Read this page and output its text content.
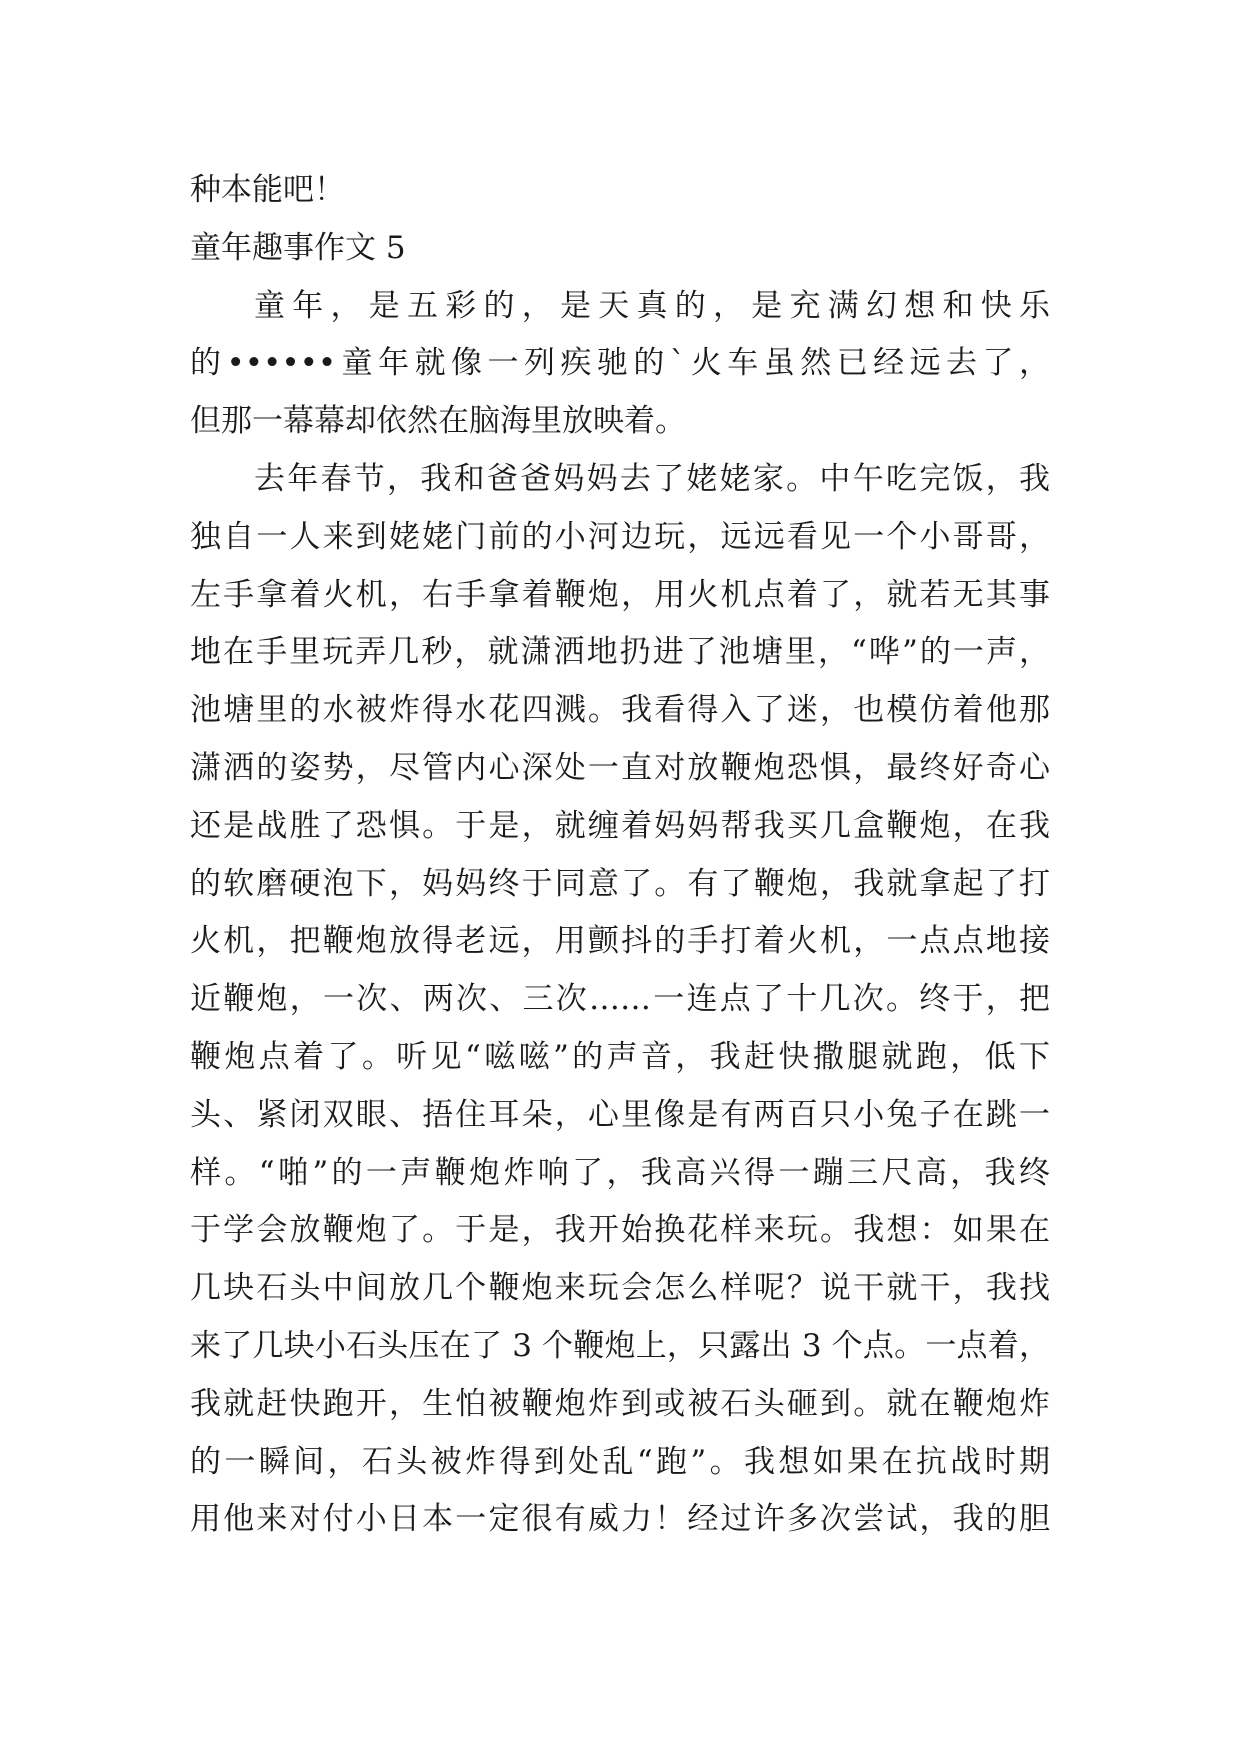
种本能吧！
童年趣事作文 5
童年，是五彩的，是天真的，是充满幻想和快乐
的••••••童年就像一列疾驰的`火车虽然已经远去了，
但那一幕幕却依然在脑海里放映着。
去年春节，我和爸爸妈妈去了姥姥家。中午吃完饭，我
独自一人来到姥姥门前的小河边玩，远远看见一个小哥哥，
左手拿着火机，右手拿着鞭炮，用火机点着了，就若无其事
地在手里玩弄几秒，就潇洒地扔进了池塘里，“哗”的一声，
池塘里的水被炸得水花四溅。我看得入了迷，也模仿着他那
潇洒的姿势，尽管内心深处一直对放鞭炮恐惧，最终好奇心
还是战胜了恐惧。于是，就缠着妈妈帮我买几盒鞭炮，在我
的软磨硬泡下，妈妈终于同意了。有了鞭炮，我就拿起了打
火机，把鞭炮放得老远，用颤抖的手打着火机，一点点地接
近鞭炮，一次、两次、三次……一连点了十几次。终于，把
鞭炮点着了。听见“嗞嗞”的声音，我赶快撒腿就跑，低下
头、紧闭双眼、捂住耳朵，心里像是有两百只小兔子在跳一
样。“啪”的一声鞭炮炸响了，我高兴得一蹦三尺高，我终
于学会放鞭炮了。于是，我开始换花样来玩。我想：如果在
几块石头中间放几个鞭炮来玩会怎么样呢？说干就干，我找
来了几块小石头压在了 3 个鞭炮上，只露出 3 个点。一点着，
我就赶快跑开，生怕被鞭炮炸到或被石头砸到。就在鞭炮炸
的一瞬间，石头被炸得到处乱“跑”。我想如果在抗战时期
用他来对付小日本一定很有威力！经过许多次尝试，我的胆
